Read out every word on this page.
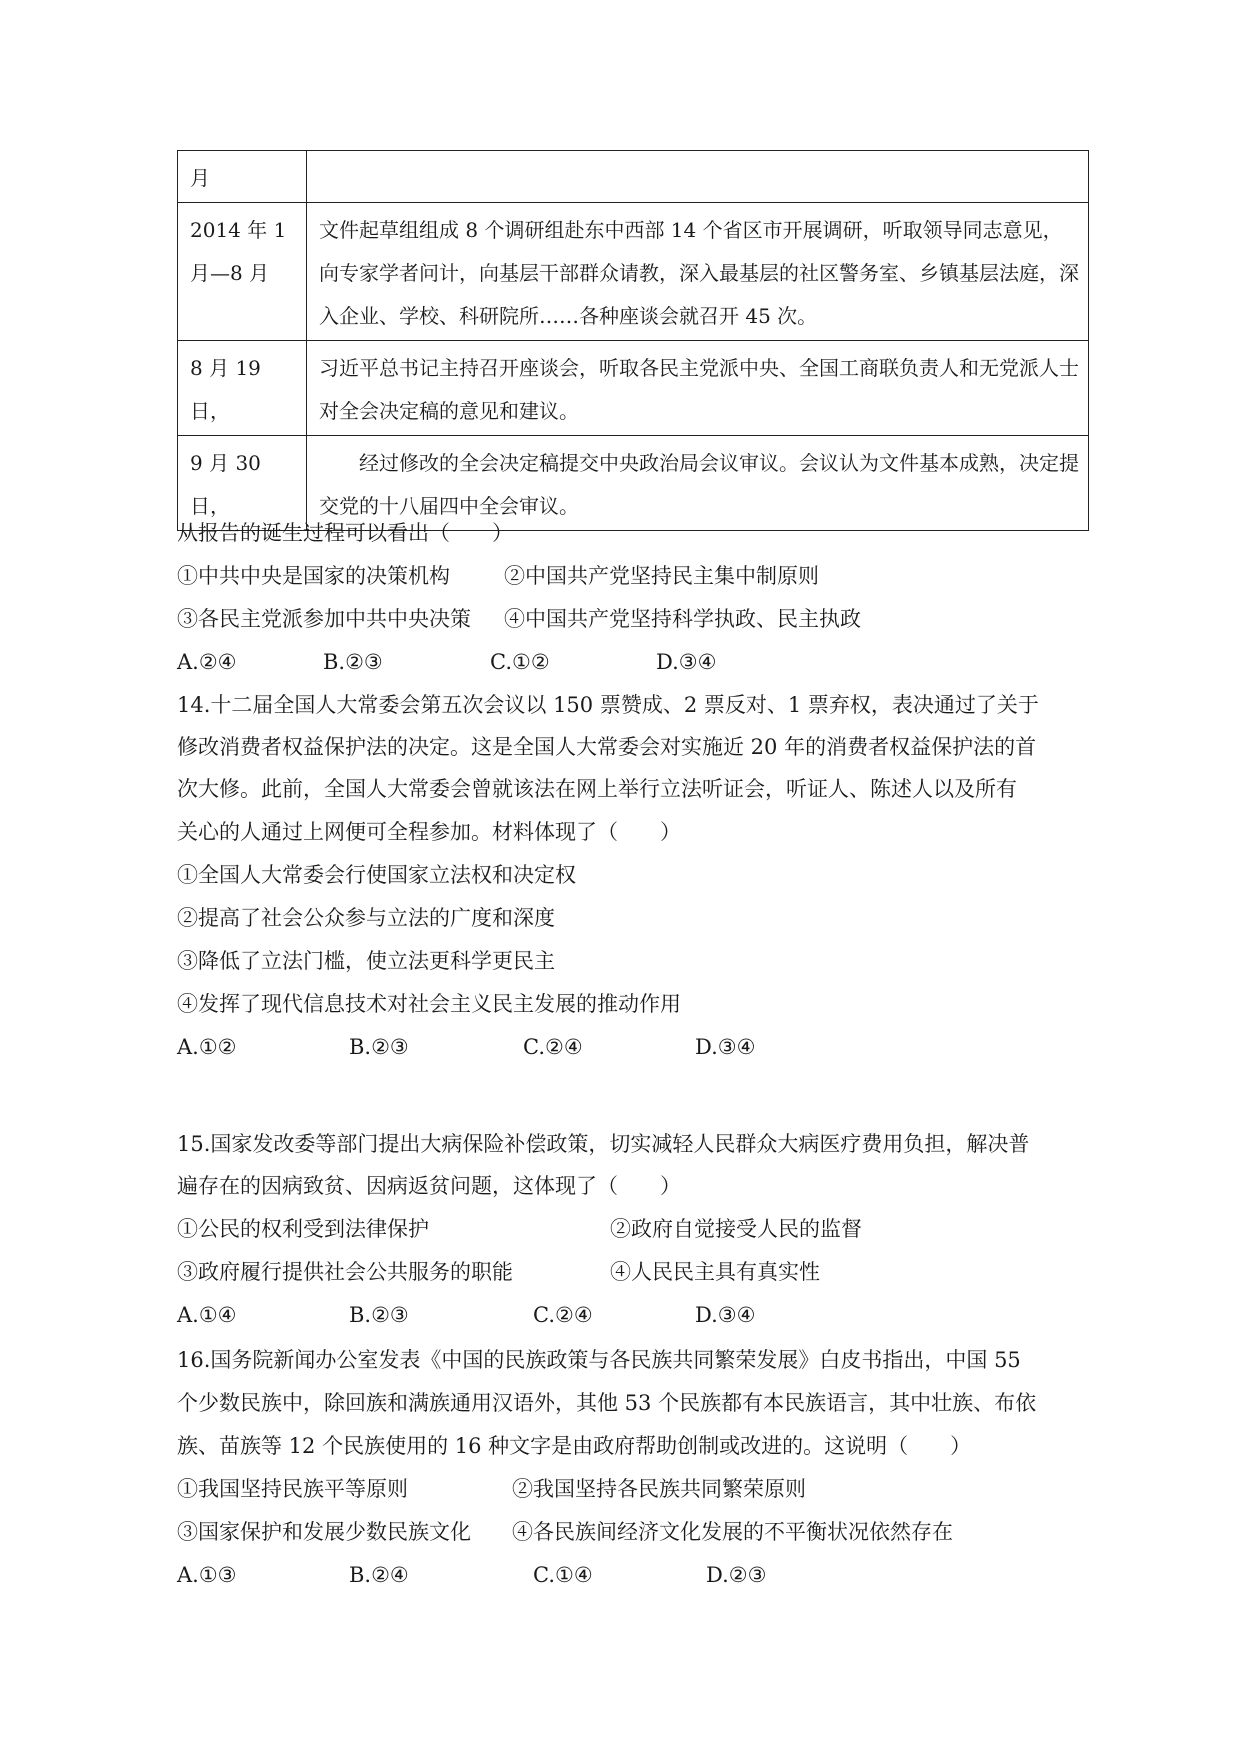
月	
2014 年 1 月—8 月	文件起草组组成 8 个调研组赴东中西部 14 个省区市开展调研，听取领导同志意见，向专家学者问计，向基层干部群众请教，深入最基层的社区警务室、乡镇基层法庭，深入企业、学校、科研院所……各种座谈会就召开 45 次。
8 月 19 日，	习近平总书记主持召开座谈会，听取各民主党派中央、全国工商联负责人和无党派人士对全会决定稿的意见和建议。
9 月 30 日，	经过修改的全会决定稿提交中央政治局会议审议。会议认为文件基本成熟，决定提交党的十八届四中全会审议。
从报告的诞生过程可以看出（　　）
①中共中央是国家的决策机构	②中国共产党坚持民主集中制原则
③各民主党派参加中共中央决策 ④中国共产党坚持科学执政、民主执政
A.②④	B.②③	C.①②	D.③④
14.十二届全国人大常委会第五次会议以 150 票赞成、2 票反对、1 票弃权，表决通过了关于
修改消费者权益保护法的决定。这是全国人大常委会对实施近 20 年的消费者权益保护法的首
次大修。此前，全国人大常委会曾就该法在网上举行立法听证会，听证人、陈述人以及所有
关心的人通过上网便可全程参加。材料体现了（　　）
①全国人大常委会行使国家立法权和决定权
②提高了社会公众参与立法的广度和深度
③降低了立法门槛，使立法更科学更民主
④发挥了现代信息技术对社会主义民主发展的推动作用
A.①②	B.②③	C.②④	D.③④
15.国家发改委等部门提出大病保险补偿政策，切实减轻人民群众大病医疗费用负担，解决普
遍存在的因病致贫、因病返贫问题，这体现了（　　）
①公民的权利受到法律保护	②政府自觉接受人民的监督
③政府履行提供社会公共服务的职能	④人民民主具有真实性
A.①④	B.②③	C.②④	D.③④
16.国务院新闻办公室发表《中国的民族政策与各民族共同繁荣发展》白皮书指出，中国 55
个少数民族中，除回族和满族通用汉语外，其他 53 个民族都有本民族语言，其中壮族、布依
族、苗族等 12 个民族使用的 16 种文字是由政府帮助创制或改进的。这说明（　　）
①我国坚持民族平等原则	②我国坚持各民族共同繁荣原则
③国家保护和发展少数民族文化 ④各民族间经济文化发展的不平衡状况依然存在
A.①③	B.②④	C.①④	D.②③
